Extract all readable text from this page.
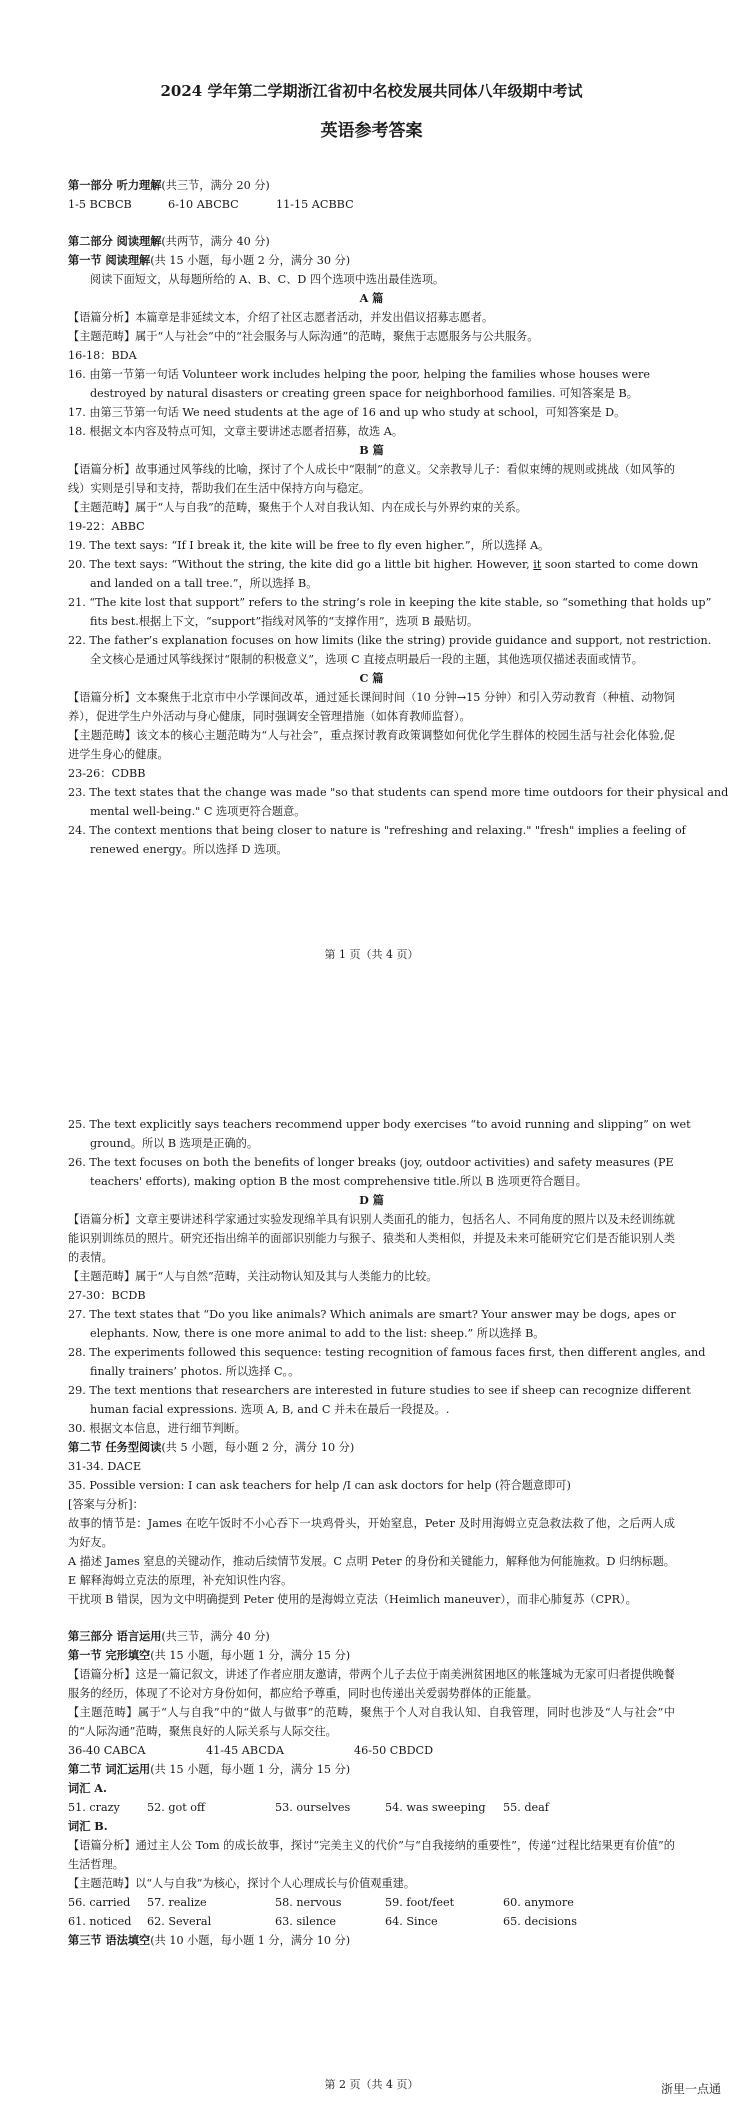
2024 学年第二学期浙江省初中名校发展共同体八年级期中考试
英语参考答案
第一部分 听力理解(共三节，满分 20 分)
1-5 BCBCB	6-10 ABCBC	11-15 ACBBC
第二部分 阅读理解(共两节，满分 40 分)
第一节 阅读理解(共 15 小题，每小题 2 分，满分 30 分)
阅读下面短文，从每题所给的 A、B、C、D 四个选项中选出最佳选项。
A 篇
【语篇分析】本篇章是非延续文本，介绍了社区志愿者活动，并发出倡议招募志愿者。
【主题范畴】属于“人与社会”中的“社会服务与人际沟通”的范畴，聚焦于志愿服务与公共服务。
16-18：BDA
16. 由第一节第一句话 Volunteer work includes helping the poor, helping the families whose houses were
destroyed by natural disasters or creating green space for neighborhood families. 可知答案是 B。
17. 由第三节第一句话 We need students at the age of 16 and up who study at school，可知答案是 D。
18. 根据文本内容及特点可知，文章主要讲述志愿者招募，故选 A。
B 篇
【语篇分析】故事通过风筝线的比喻，探讨了个人成长中“限制”的意义。父亲教导儿子：看似束缚的规则或挑战（如风筝的线）实则是引导和支持，帮助我们在生活中保持方向与稳定。
【主题范畴】属于“人与自我”的范畴，聚焦于个人对自我认知、内在成长与外界约束的关系。
19-22：ABBC
19. The text says: “If I break it, the kite will be free to fly even higher.”，所以选择 A。
20. The text says: “Without the string, the kite did go a little bit higher. However, it soon started to come down
and landed on a tall tree.”，所以选择 B。
21. “The kite lost that support” refers to the string’s role in keeping the kite stable, so “something that holds up”
fits best.根据上下文，“support”指线对风筝的“支撑作用”，选项 B 最贴切。
22. The father’s explanation focuses on how limits (like the string) provide guidance and support, not restriction.
全文核心是通过风筝线探讨“限制的积极意义”，选项 C 直接点明最后一段的主题，其他选项仅描述表面或情节。
C 篇
【语篇分析】文本聚焦于北京市中小学课间改革，通过延长课间时间（10 分钟→15 分钟）和引入劳动教育（种植、动物饲养），促进学生户外活动与身心健康，同时强调安全管理措施（如体育教师监督）。
【主题范畴】该文本的核心主题范畴为“人与社会”，重点探讨教育政策调整如何优化学生群体的校园生活与社会化体验,促进学生身心的健康。
23-26：CDBB
23. The text states that the change was made "so that students can spend more time outdoors for their physical and
mental well-being." C 选项更符合题意。
24. The context mentions that being closer to nature is "refreshing and relaxing." "fresh" implies a feeling of
renewed energy。所以选择 D 选项。
第 1 页（共 4 页）
25. The text explicitly says teachers recommend upper body exercises “to avoid running and slipping” on wet
ground。所以 B 选项是正确的。
26. The text focuses on both the benefits of longer breaks (joy, outdoor activities) and safety measures (PE
teachers' efforts), making option B the most comprehensive title.所以 B 选项更符合题目。
D 篇
【语篇分析】文章主要讲述科学家通过实验发现绵羊具有识别人类面孔的能力，包括名人、不同角度的照片以及未经训练就能识别训练员的照片。研究还指出绵羊的面部识别能力与猴子、猿类和人类相似，并提及未来可能研究它们是否能识别人类的表情。
【主题范畴】属于“人与自然”范畴，关注动物认知及其与人类能力的比较。
27-30：BCDB
27. The text states that “Do you like animals? Which animals are smart? Your answer may be dogs, apes or
elephants. Now, there is one more animal to add to the list: sheep.” 所以选择 B。
28. The experiments followed this sequence: testing recognition of famous faces first, then different angles, and
finally trainers’ photos. 所以选择 C。。
29. The text mentions that researchers are interested in future studies to see if sheep can recognize different
human facial expressions. 选项 A, B, and C 并未在最后一段提及。.
30. 根据文本信息，进行细节判断。
第二节 任务型阅读(共 5 小题，每小题 2 分，满分 10 分)
31-34. DACE
35. Possible version: I can ask teachers for help /I can ask doctors for help (符合题意即可)
[答案与分析]：
故事的情节是：James 在吃午饭时不小心吞下一块鸡骨头，开始窒息，Peter 及时用海姆立克急救法救了他，之后两人成为好友。
A 描述 James 窒息的关键动作，推动后续情节发展。C 点明 Peter 的身份和关键能力，解释他为何能施救。D 归纳标题。E 解释海姆立克法的原理，补充知识性内容。
干扰项 B 错误，因为文中明确提到 Peter 使用的是海姆立克法（Heimlich maneuver），而非心肺复苏（CPR）。
第三部分 语言运用(共三节，满分 40 分)
第一节 完形填空(共 15 小题，每小题 1 分，满分 15 分)
【语篇分析】这是一篇记叙文，讲述了作者应朋友邀请，带两个儿子去位于南美洲贫困地区的帐篷城为无家可归者提供晚餐服务的经历，体现了不论对方身份如何，都应给予尊重，同时也传递出关爱弱势群体的正能量。
【主题范畴】属于“人与自我”中的“做人与做事”的范畴，聚焦于个人对自我认知、自我管理，同时也涉及“人与社会”中的“人际沟通”范畴，聚焦良好的人际关系与人际交往。
36-40 CABCA	41-45 ABCDA	46-50 CBDCD
第二节 词汇运用(共 15 小题，每小题 1 分，满分 15 分)
词汇 A.
51. crazy	52. got off	53. ourselves	54. was sweeping	55. deaf
词汇 B.
【语篇分析】通过主人公 Tom 的成长故事，探讨“完美主义的代价”与“自我接纳的重要性”，传递“过程比结果更有价值”的生活哲理。
【主题范畴】以“人与自我”为核心，探讨个人心理成长与价值观重建。
56. carried	57. realize	58. nervous	59. foot/feet	60. anymore
61. noticed	62. Several	63. silence	64. Since	65. decisions
第三节 语法填空(共 10 小题，每小题 1 分，满分 10 分)
第 2 页（共 4 页）	浙里一点通
